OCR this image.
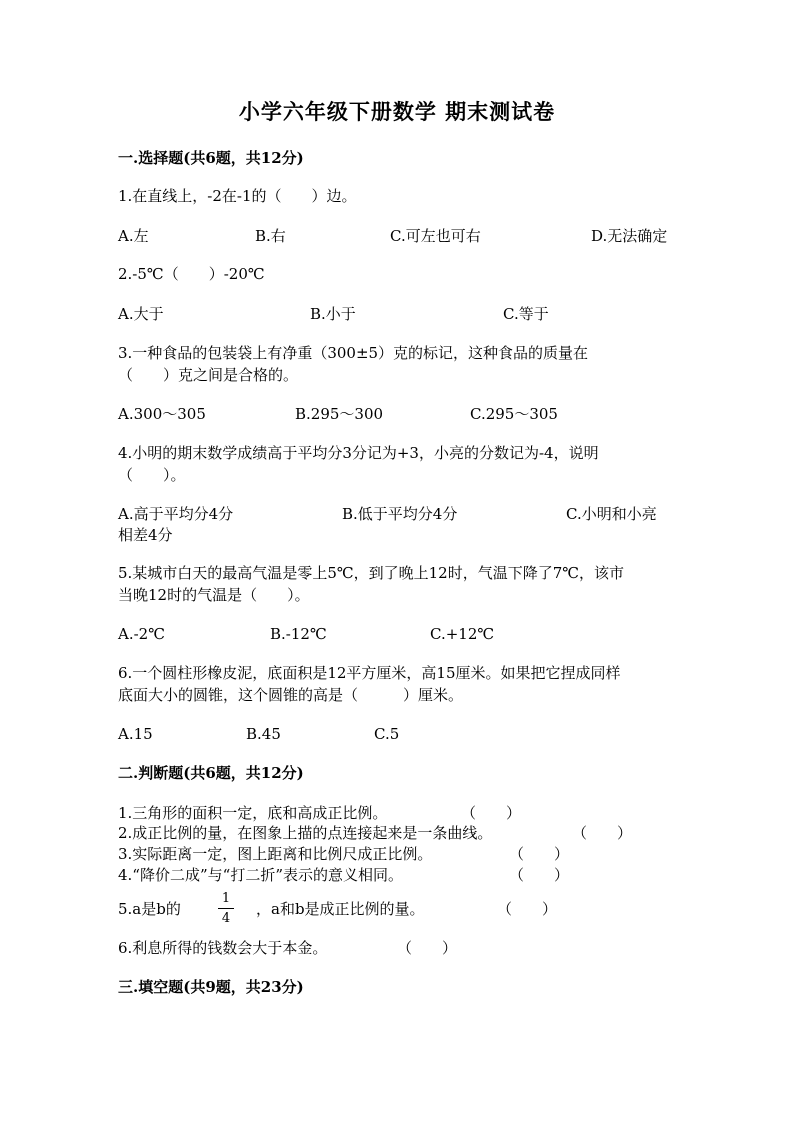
小学六年级下册数学 期末测试卷
一.选择题(共6题，共12分)
1.在直线上，-2在-1的（　　）边。
A.左	B.右	C.可左也可右	D.无法确定
2.-5℃（　　）-20℃
A.大于	B.小于	C.等于
3.一种食品的包装袋上有净重（300±5）克的标记，这种食品的质量在
（　　）克之间是合格的。
A.300～305	B.295～300	C.295～305
4.小明的期末数学成绩高于平均分3分记为+3，小亮的分数记为-4，说明
（　　）。
A.高于平均分4分	B.低于平均分4分	C.小明和小亮
相差4分
5.某城市白天的最高气温是零上5℃，到了晚上12时，气温下降了7℃，该市
当晚12时的气温是（　　）。
A.-2℃	B.-12℃	C.+12℃
6.一个圆柱形橡皮泥，底面积是12平方厘米，高15厘米。如果把它捏成同样
底面大小的圆锥，这个圆锥的高是（　　　）厘米。
A.15	B.45	C.5
二.判断题(共6题，共12分)
1.三角形的面积一定，底和高成正比例。	（　　）
2.成正比例的量，在图象上描的点连接起来是一条曲线。	（　　）
3.实际距离一定，图上距离和比例尺成正比例。	（　　）
4.“降价二成”与“打二折”表示的意义相同。	（　　）
5.a是b的
1
4
，a和b是成正比例的量。	（　　）
6.利息所得的钱数会大于本金。	（　　）
三.填空题(共9题，共23分)
